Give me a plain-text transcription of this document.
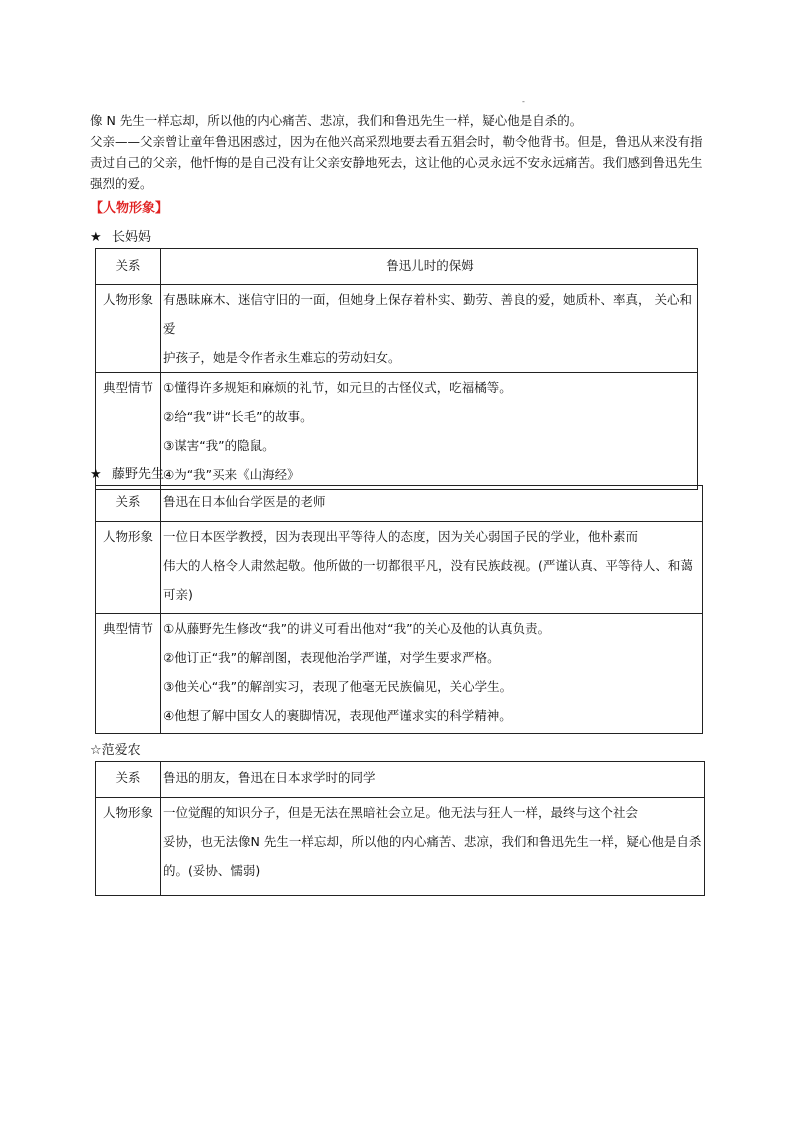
-

像 N 先生一样忘却，所以他的内心痛苦、悲凉，我们和鲁迅先生一样，疑心他是自杀的。

父亲——父亲曾让童年鲁迅困惑过，因为在他兴高采烈地要去看五猖会时，勒令他背书。但是，鲁迅从来没有指

责过自己的父亲，他忏悔的是自己没有让父亲安静地死去，这让他的心灵永远不安永远痛苦。我们感到鲁迅先生

强烈的爱。

【人物形象】
★ 长妈妈
关系	鲁迅儿时的保姆

人物形象	有愚昧麻木、迷信守旧的一面，但她身上保存着朴实、勤劳、善良的爱，她质朴、率真， 关心和爱
护孩子，她是令作者永生难忘的劳动妇女。

典型情节	①懂得许多规矩和麻烦的礼节，如元旦的古怪仪式，吃福橘等。
②给“我”讲“长毛”的故事。
③谋害“我”的隐鼠。
④为“我”买来《山海经》
★ 藤野先生
关系	鲁迅在日本仙台学医是的老师

人物形象	一位日本医学教授，因为表现出平等待人的态度，因为关心弱国子民的学业，他朴素而
伟大的人格令人肃然起敬。他所做的一切都很平凡，没有民族歧视。(严谨认真、平等待人、和蔼
可亲)

典型情节	①从藤野先生修改“我”的讲义可看出他对“我”的关心及他的认真负责。
②他订正“我”的解剖图，表现他治学严谨，对学生要求严格。
③他关心“我”的解剖实习，表现了他毫无民族偏见，关心学生。
④他想了解中国女人的裹脚情况，表现他严谨求实的科学精神。
☆范爱农
关系	鲁迅的朋友，鲁迅在日本求学时的同学

人物形象	一位觉醒的知识分子，但是无法在黑暗社会立足。他无法与狂人一样，最终与这个社会
妥协，也无法像N 先生一样忘却，所以他的内心痛苦、悲凉，我们和鲁迅先生一样，疑心他是自杀
的。(妥协、懦弱)
